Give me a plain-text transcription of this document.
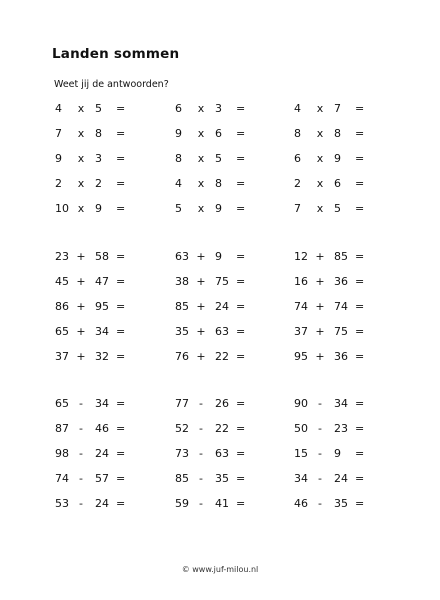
Landen sommen
Weet jij de antwoorden?
4 x 5 =
7 x 8 =
9 x 3 =
2 x 2 =
10 x 9 =
6 x 3 =
9 x 6 =
8 x 5 =
4 x 8 =
5 x 9 =
4 x 7 =
8 x 8 =
6 x 9 =
2 x 6 =
7 x 5 =
23 + 58 =
45 + 47 =
86 + 95 =
65 + 34 =
37 + 32 =
63 + 9 =
38 + 75 =
85 + 24 =
35 + 63 =
76 + 22 =
12 + 85 =
16 + 36 =
74 + 74 =
37 + 75 =
95 + 36 =
65 - 34 =
87 - 46 =
98 - 24 =
74 - 57 =
53 - 24 =
77 - 26 =
52 - 22 =
73 - 63 =
85 - 35 =
59 - 41 =
90 - 34 =
50 - 23 =
15 - 9 =
34 - 24 =
46 - 35 =
© www.juf-milou.nl
